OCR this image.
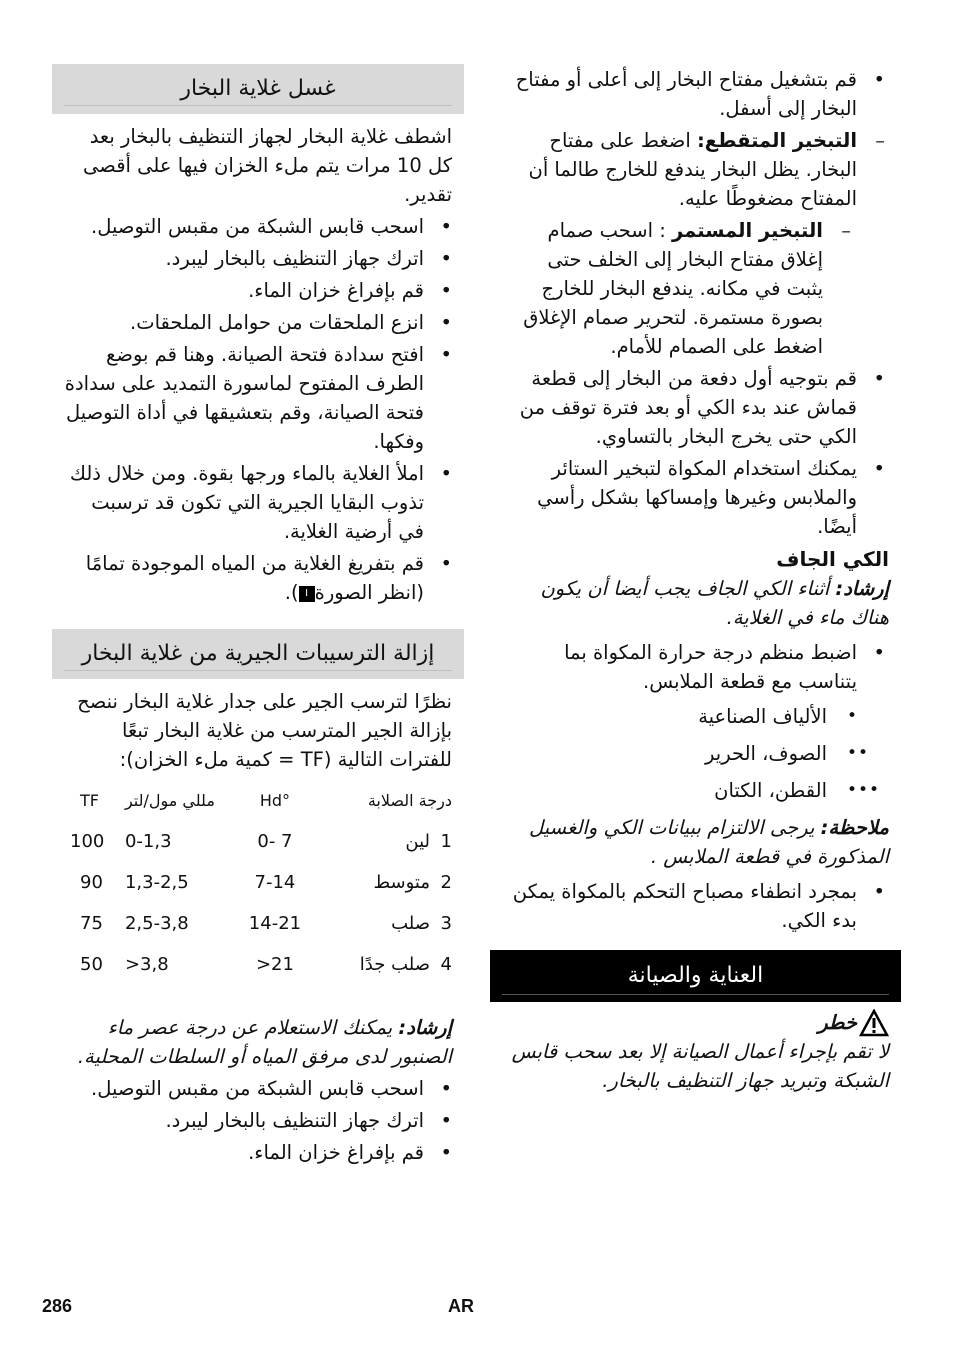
• قم بتشغيل مفتاح البخار إلى أعلى أو مفتاح البخار إلى أسفل.
– التبخير المتقطع: اضغط على مفتاح البخار. يظل البخار يندفع للخارج طالما أن المفتاح مضغوطًا عليه.
– التبخير المستمر : اسحب صمام إغلاق مفتاح البخار إلى الخلف حتى يثبت في مكانه. يندفع البخار للخارج بصورة مستمرة. لتحرير صمام الإغلاق اضغط على الصمام للأمام.
• قم بتوجيه أول دفعة من البخار إلى قطعة قماش عند بدء الكي أو بعد فترة توقف من الكي حتى يخرج البخار بالتساوي.
• يمكنك استخدام المكواة لتبخير الستائر والملابس وغيرها وإمساكها بشكل رأسي أيضًا.
الكي الجاف
إرشاد: أثناء الكي الجاف يجب أيضا أن يكون هناك ماء في الغلاية.
• اضبط منظم درجة حرارة المكواة بما يتناسب مع قطعة الملابس.
•
الألياف الصناعية
••
الصوف، الحرير
•••
القطن، الكتان
ملاحظة: يرجى الالتزام ببيانات الكي والغسيل المذكورة في قطعة الملابس .
• بمجرد انطفاء مصباح التحكم بالمكواة يمكن بدء الكي.
العناية والصيانة
خطر
لا تقم بإجراء أعمال الصيانة إلا بعد سحب قابس الشبكة وتبريد جهاز التنظيف بالبخار.
غسل غلاية البخار
اشطف غلاية البخار لجهاز التنظيف بالبخار بعد كل 10 مرات يتم ملء الخزان فيها على أقصى تقدير.
• اسحب قابس الشبكة من مقبس التوصيل.
• اترك جهاز التنظيف بالبخار ليبرد.
• قم بإفراغ خزان الماء.
• انزع الملحقات من حوامل الملحقات.
• افتح سدادة فتحة الصيانة. وهنا قم بوضع الطرف المفتوح لماسورة التمديد على سدادة فتحة الصيانة، وقم بتعشيقها في أداة التوصيل وفكها.
• املأ الغلاية بالماء ورجها بقوة. ومن خلال ذلك تذوب البقايا الجيرية التي تكون قد ترسبت في أرضية الغلاية.
• قم بتفريغ الغلاية من المياه الموجودة تمامًا (انظر الصورةI).
إزالة الترسيبات الجيرية من غلاية البخار
نظرًا لترسب الجير على جدار غلاية البخار ننصح بإزالة الجير المترسب من غلاية البخار تبعًا للفترات التالية (TF = كمية ملء الخزان):
درجة الصلابة		°Hd	مللي مول/لتر	TF
1	لين	0- 7	0-1,3	100
2	متوسط	7-14	1,3-2,5	90
3	صلب	14-21	2,5-3,8	75
4	صلب جدًا	>21	>3,8	50
إرشاد: يمكنك الاستعلام عن درجة عصر ماء الصنبور لدى مرفق المياه أو السلطات المحلية.
• اسحب قابس الشبكة من مقبس التوصيل.
• اترك جهاز التنظيف بالبخار ليبرد.
• قم بإفراغ خزان الماء.
286	AR
